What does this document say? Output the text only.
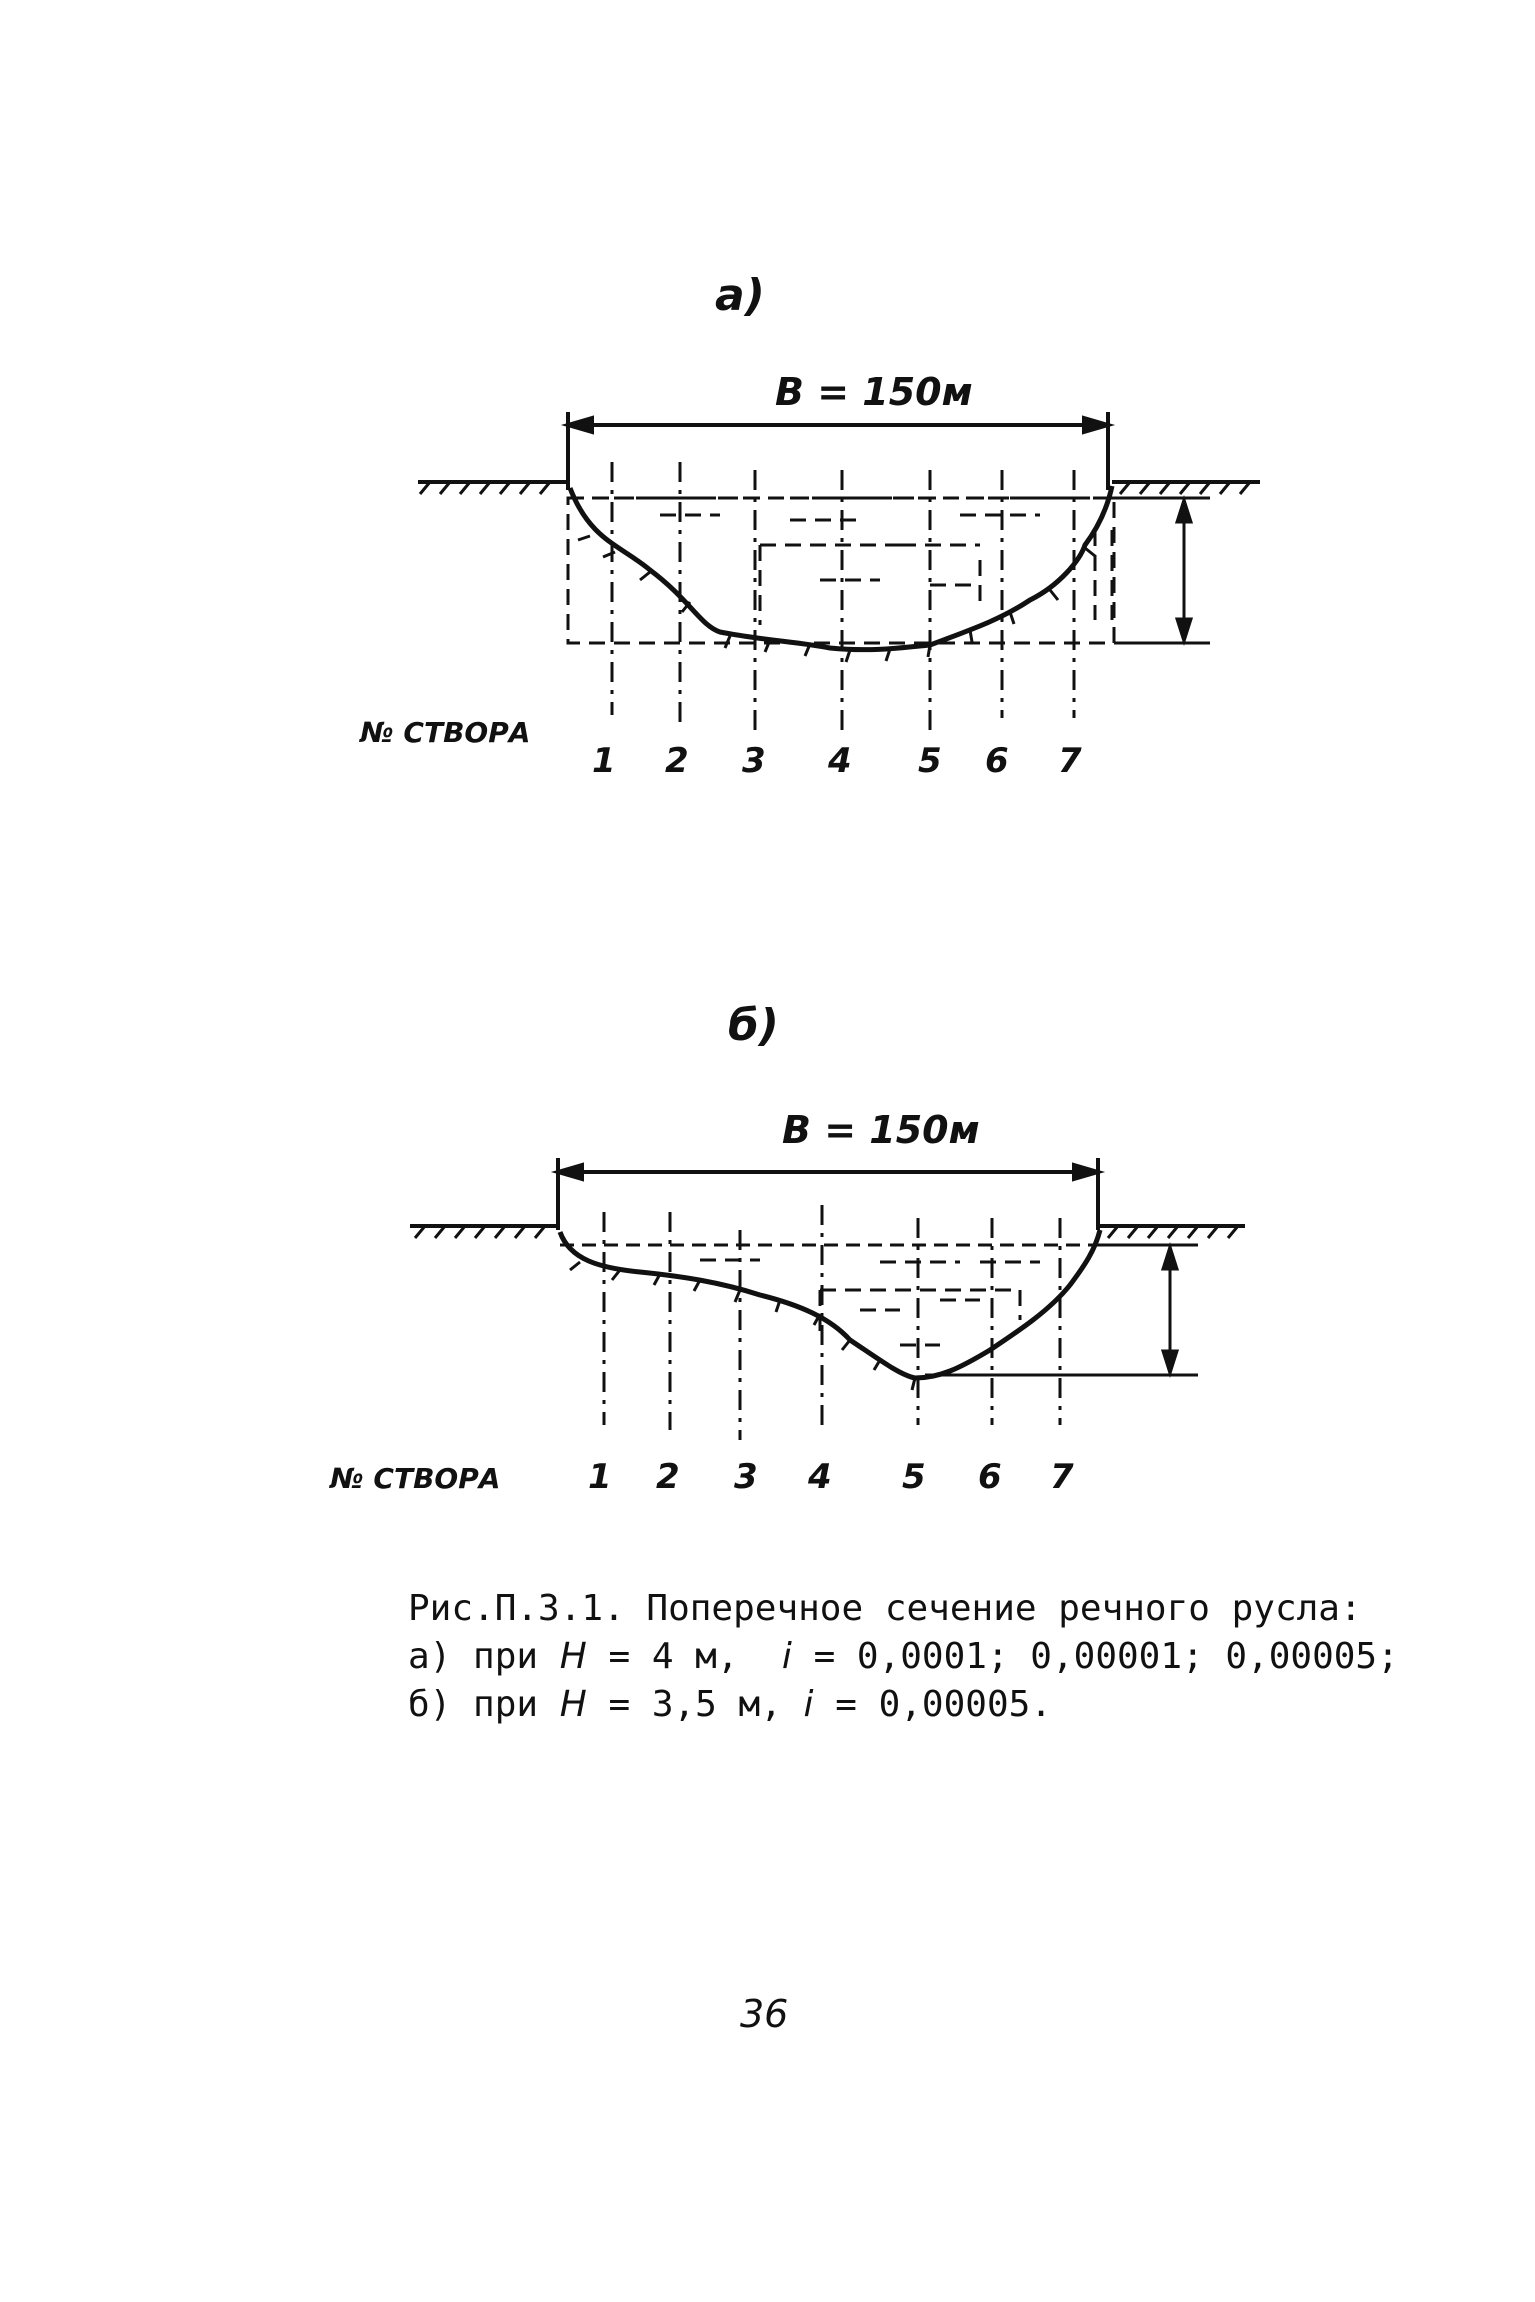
а)
B = 150м
№ СТВОРА
1 2 3 4 5 6 7
б)
B = 150м
№ СТВОРА	1 2 3 4 5 6 7
Рис.П.3.1. Поперечное сечение речного русла:
а) при H = 4 м,  i = 0,0001; 0,00001; 0,00005;
б) при H = 3,5 м, i = 0,00005.
36
